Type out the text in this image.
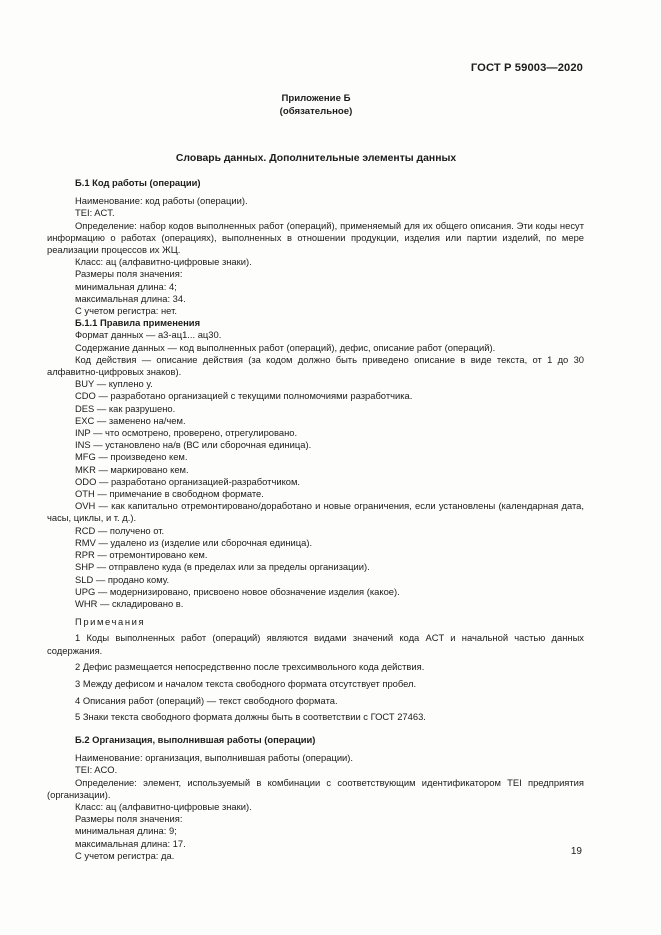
ГОСТ Р 59003—2020
Приложение Б
(обязательное)
Словарь данных. Дополнительные элементы данных

Б.1 Код работы (операции)

Наименование: код работы (операции).

TEI: ACT.

Определение: набор кодов выполненных работ (операций), применяемый для их общего описания. Эти коды несут информацию о работах (операциях), выполненных в отношении продукции, изделия или партии изделий, по мере реализации процессов их ЖЦ.

Класс: ац (алфавитно-цифровые знаки).

Размеры поля значения:

минимальная длина: 4;

максимальная длина: 34.

С учетом регистра: нет.

Б.1.1 Правила применения

Формат данных — a3-ац1... ац30.

Содержание данных — код выполненных работ (операций), дефис, описание работ (операций).

Код действия — описание действия (за кодом должно быть приведено описание в виде текста, от 1 до 30 алфавитно-цифровых знаков).

BUY — куплено у.

CDO — разработано организацией с текущими полномочиями разработчика.

DES — как разрушено.

EXC — заменено на/чем.

INP — что осмотрено, проверено, отрегулировано.

INS — установлено на/в (ВС или сборочная единица).

MFG — произведено кем.

MKR — маркировано кем.

ODO — разработано организацией-разработчиком.

OTH — примечание в свободном формате.

OVH — как капитально отремонтировано/доработано и новые ограничения, если установлены (календарная дата, часы, циклы, и т. д.).

RCD — получено от.

RMV — удалено из (изделие или сборочная единица).

RPR — отремонтировано кем.

SHP — отправлено куда (в пределах или за пределы организации).

SLD — продано кому.

UPG — модернизировано, присвоено новое обозначение изделия (какое).

WHR — складировано в.

Примечания

1 Коды выполненных работ (операций) являются видами значений кода ACT и начальной частью данных содержания.

2 Дефис размещается непосредственно после трехсимвольного кода действия.

3 Между дефисом и началом текста свободного формата отсутствует пробел.

4 Описания работ (операций) — текст свободного формата.

5 Знаки текста свободного формата должны быть в соответствии с ГОСТ 27463.

Б.2 Организация, выполнившая работы (операции)

Наименование: организация, выполнившая работы (операции).

TEI: ACO.

Определение: элемент, используемый в комбинации с соответствующим идентификатором TEI предприятия (организации).

Класс: ац (алфавитно-цифровые знаки).

Размеры поля значения:

минимальная длина: 9;

максимальная длина: 17.

С учетом регистра: да.	19
